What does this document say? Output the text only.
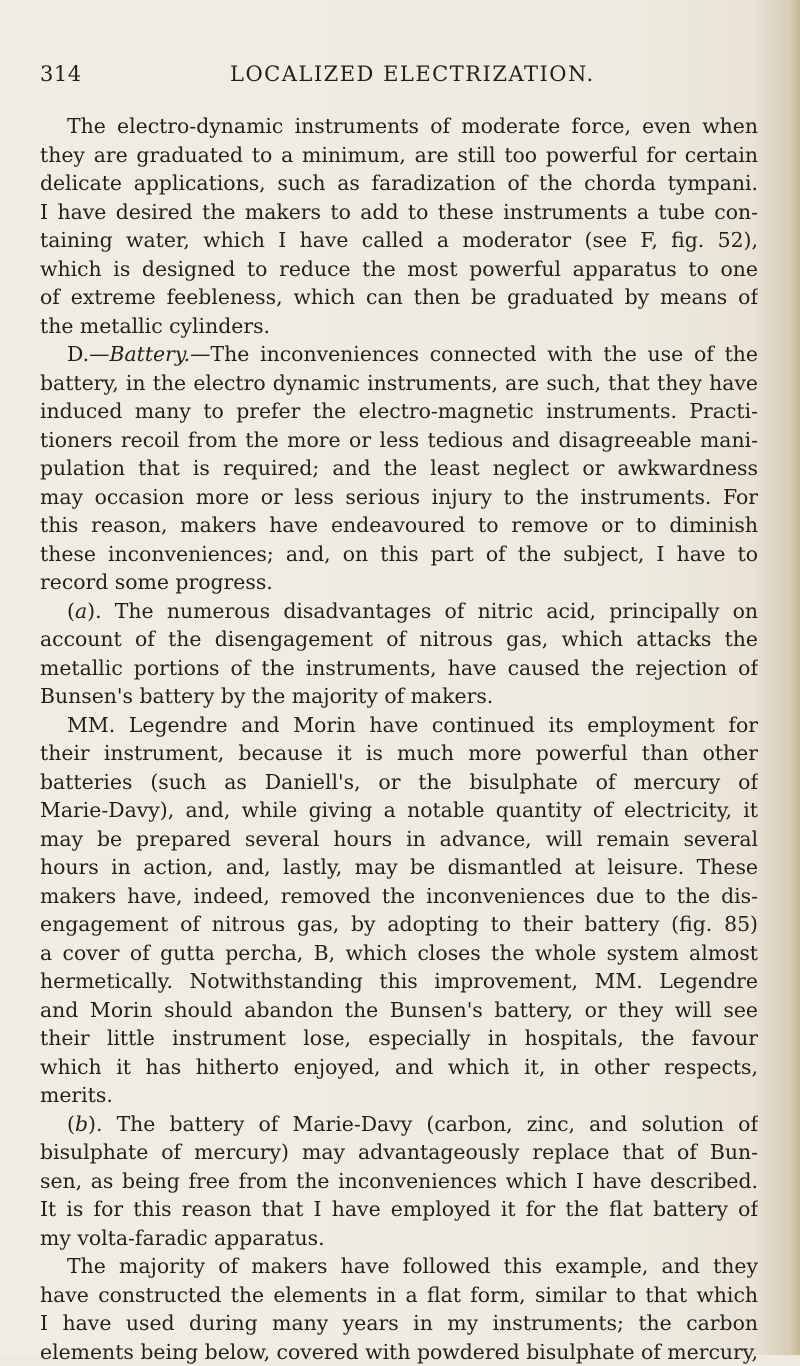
314	LOCALIZED ELECTRIZATION.
The electro-dynamic instruments of moderate force, even when
they are graduated to a minimum, are still too powerful for certain
delicate applications, such as faradization of the chorda tympani.
I have desired the makers to add to these instruments a tube con-
taining water, which I have called a moderator (see F, fig. 52),
which is designed to reduce the most powerful apparatus to one
of extreme feebleness, which can then be graduated by means of
the metallic cylinders.
D.—Battery.—The inconveniences connected with the use of the
battery, in the electro dynamic instruments, are such, that they have
induced many to prefer the electro-magnetic instruments. Practi-
tioners recoil from the more or less tedious and disagreeable mani-
pulation that is required; and the least neglect or awkwardness
may occasion more or less serious injury to the instruments. For
this reason, makers have endeavoured to remove or to diminish
these inconveniences; and, on this part of the subject, I have to
record some progress.
(a). The numerous disadvantages of nitric acid, principally on
account of the disengagement of nitrous gas, which attacks the
metallic portions of the instruments, have caused the rejection of
Bunsen's battery by the majority of makers.
MM. Legendre and Morin have continued its employment for
their instrument, because it is much more powerful than other
batteries (such as Daniell's, or the bisulphate of mercury of
Marie-Davy), and, while giving a notable quantity of electricity, it
may be prepared several hours in advance, will remain several
hours in action, and, lastly, may be dismantled at leisure. These
makers have, indeed, removed the inconveniences due to the dis-
engagement of nitrous gas, by adopting to their battery (fig. 85)
a cover of gutta percha, B, which closes the whole system almost
hermetically. Notwithstanding this improvement, MM. Legendre
and Morin should abandon the Bunsen's battery, or they will see
their little instrument lose, especially in hospitals, the favour
which it has hitherto enjoyed, and which it, in other respects,
merits.
(b). The battery of Marie-Davy (carbon, zinc, and solution of
bisulphate of mercury) may advantageously replace that of Bun-
sen, as being free from the inconveniences which I have described.
It is for this reason that I have employed it for the flat battery of
my volta-faradic apparatus.
The majority of makers have followed this example, and they
have constructed the elements in a flat form, similar to that which
I have used during many years in my instruments; the carbon
elements being below, covered with powdered bisulphate of mercury,
